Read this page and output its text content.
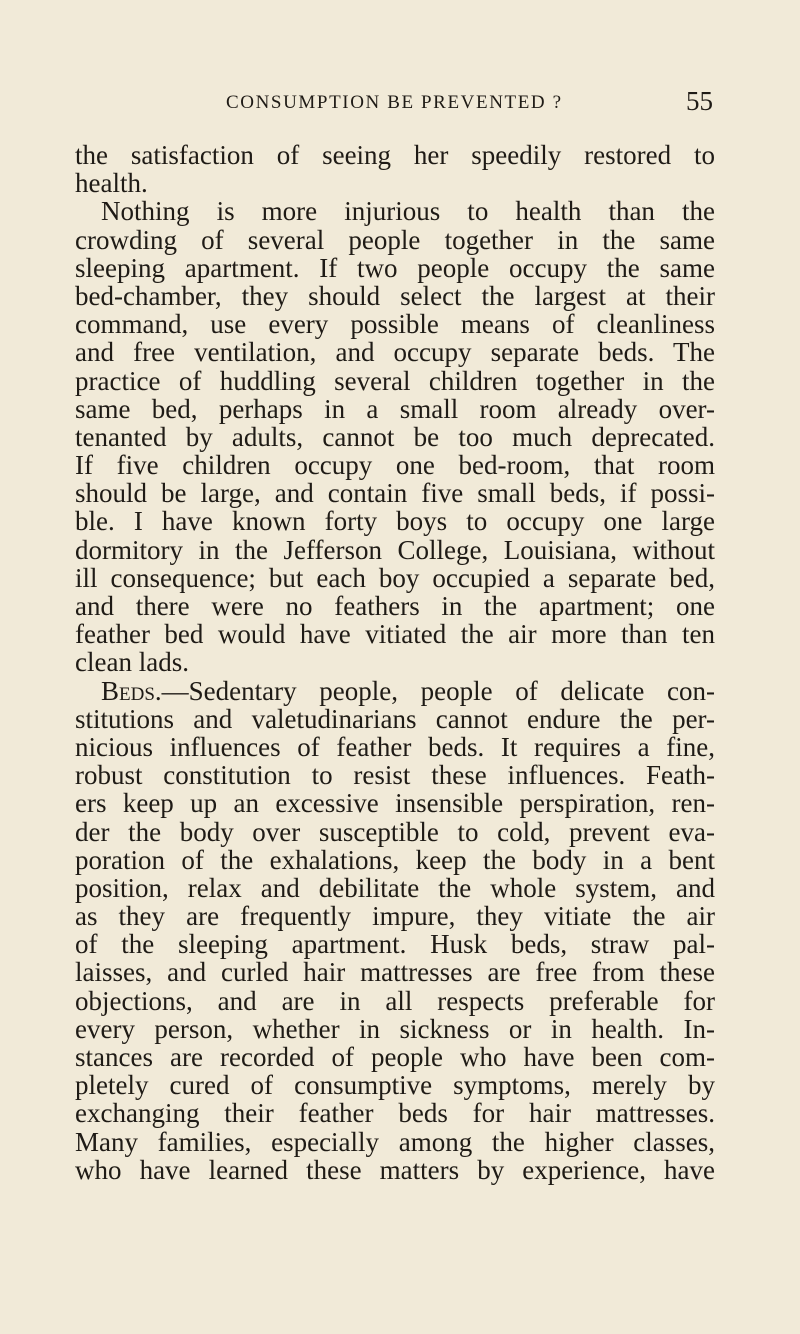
CONSUMPTION BE PREVENTED ?	55
the satisfaction of seeing her speedily restored to
health.
Nothing is more injurious to health than the
crowding of several people together in the same
sleeping apartment. If two people occupy the same
bed-chamber, they should select the largest at their
command, use every possible means of cleanliness
and free ventilation, and occupy separate beds. The
practice of huddling several children together in the
same bed, perhaps in a small room already over-
tenanted by adults, cannot be too much deprecated.
If five children occupy one bed-room, that room
should be large, and contain five small beds, if possi-
ble. I have known forty boys to occupy one large
dormitory in the Jefferson College, Louisiana, without
ill consequence; but each boy occupied a separate bed,
and there were no feathers in the apartment; one
feather bed would have vitiated the air more than ten
clean lads.
Beds.—Sedentary people, people of delicate con-
stitutions and valetudinarians cannot endure the per-
nicious influences of feather beds. It requires a fine,
robust constitution to resist these influences. Feath-
ers keep up an excessive insensible perspiration, ren-
der the body over susceptible to cold, prevent eva-
poration of the exhalations, keep the body in a bent
position, relax and debilitate the whole system, and
as they are frequently impure, they vitiate the air
of the sleeping apartment. Husk beds, straw pal-
laisses, and curled hair mattresses are free from these
objections, and are in all respects preferable for
every person, whether in sickness or in health. In-
stances are recorded of people who have been com-
pletely cured of consumptive symptoms, merely by
exchanging their feather beds for hair mattresses.
Many families, especially among the higher classes,
who have learned these matters by experience, have
